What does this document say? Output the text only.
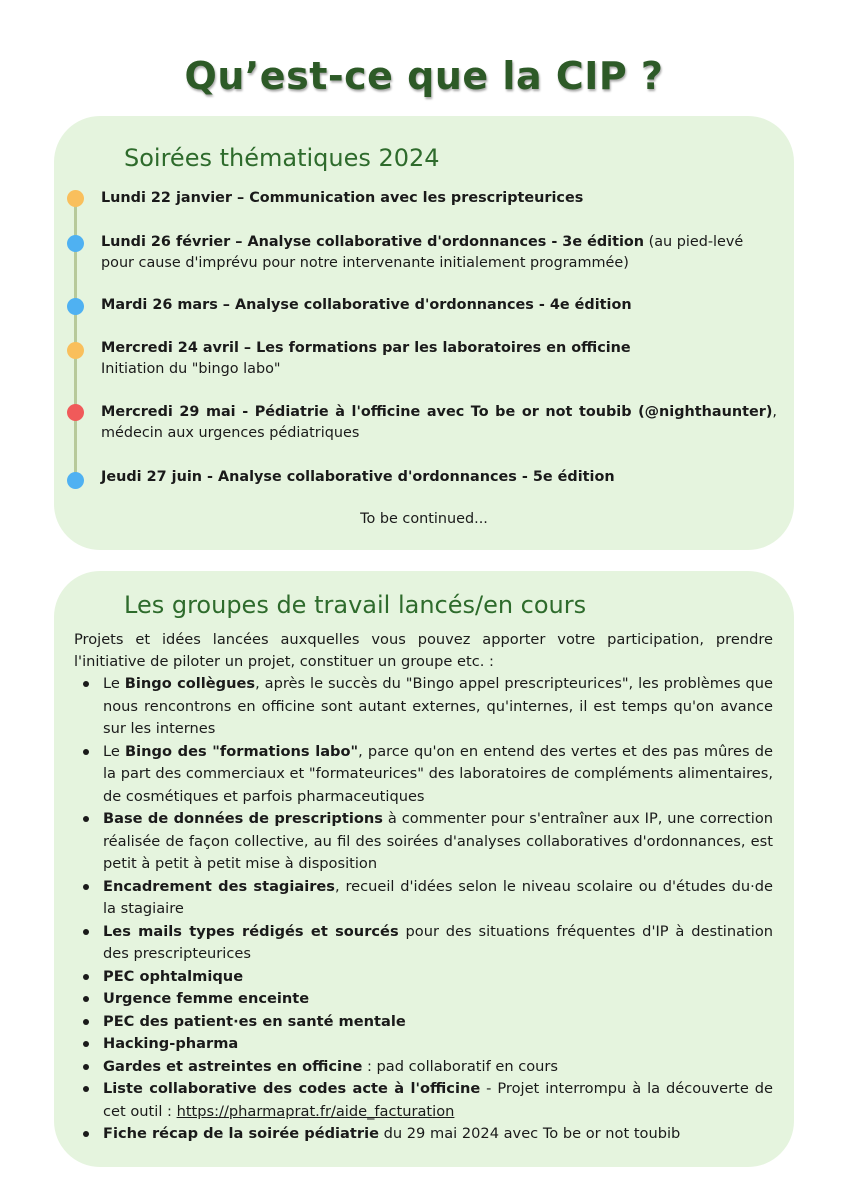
Qu’est-ce que la CIP ?
Soirées thématiques 2024
Lundi 22 janvier – Communication avec les prescripteurices
Lundi 26 février – Analyse collaborative d'ordonnances - 3e édition (au pied-levé pour cause d'imprévu pour notre intervenante initialement programmée)
Mardi 26 mars – Analyse collaborative d'ordonnances - 4e édition
Mercredi 24 avril – Les formations par les laboratoires en officine
Initiation du "bingo labo"
Mercredi 29 mai - Pédiatrie à l'officine avec To be or not toubib (@nighthaunter), médecin aux urgences pédiatriques
Jeudi 27 juin - Analyse collaborative d'ordonnances - 5e édition
To be continued...
Les groupes de travail lancés/en cours
Projets et idées lancées auxquelles vous pouvez apporter votre participation, prendre l'initiative de piloter un projet, constituer un groupe etc. :
Le Bingo collègues, après le succès du "Bingo appel prescripteurices", les problèmes que nous rencontrons en officine sont autant externes, qu'internes, il est temps qu'on avance sur les internes
Le Bingo des "formations labo", parce qu'on en entend des vertes et des pas mûres de la part des commerciaux et "formateurices" des laboratoires de compléments alimentaires, de cosmétiques et parfois pharmaceutiques
Base de données de prescriptions à commenter pour s'entraîner aux IP, une correction réalisée de façon collective, au fil des soirées d'analyses collaboratives d'ordonnances, est petit à petit à petit mise à disposition
Encadrement des stagiaires, recueil d'idées selon le niveau scolaire ou d'études du·de la stagiaire
Les mails types rédigés et sourcés pour des situations fréquentes d'IP à destination des prescripteurices
PEC ophtalmique
Urgence femme enceinte
PEC des patient·es en santé mentale
Hacking-pharma
Gardes et astreintes en officine : pad collaboratif en cours
Liste collaborative des codes acte à l'officine - Projet interrompu à la découverte de cet outil : https://pharmaprat.fr/aide_facturation
Fiche récap de la soirée pédiatrie du 29 mai 2024 avec To be or not toubib
